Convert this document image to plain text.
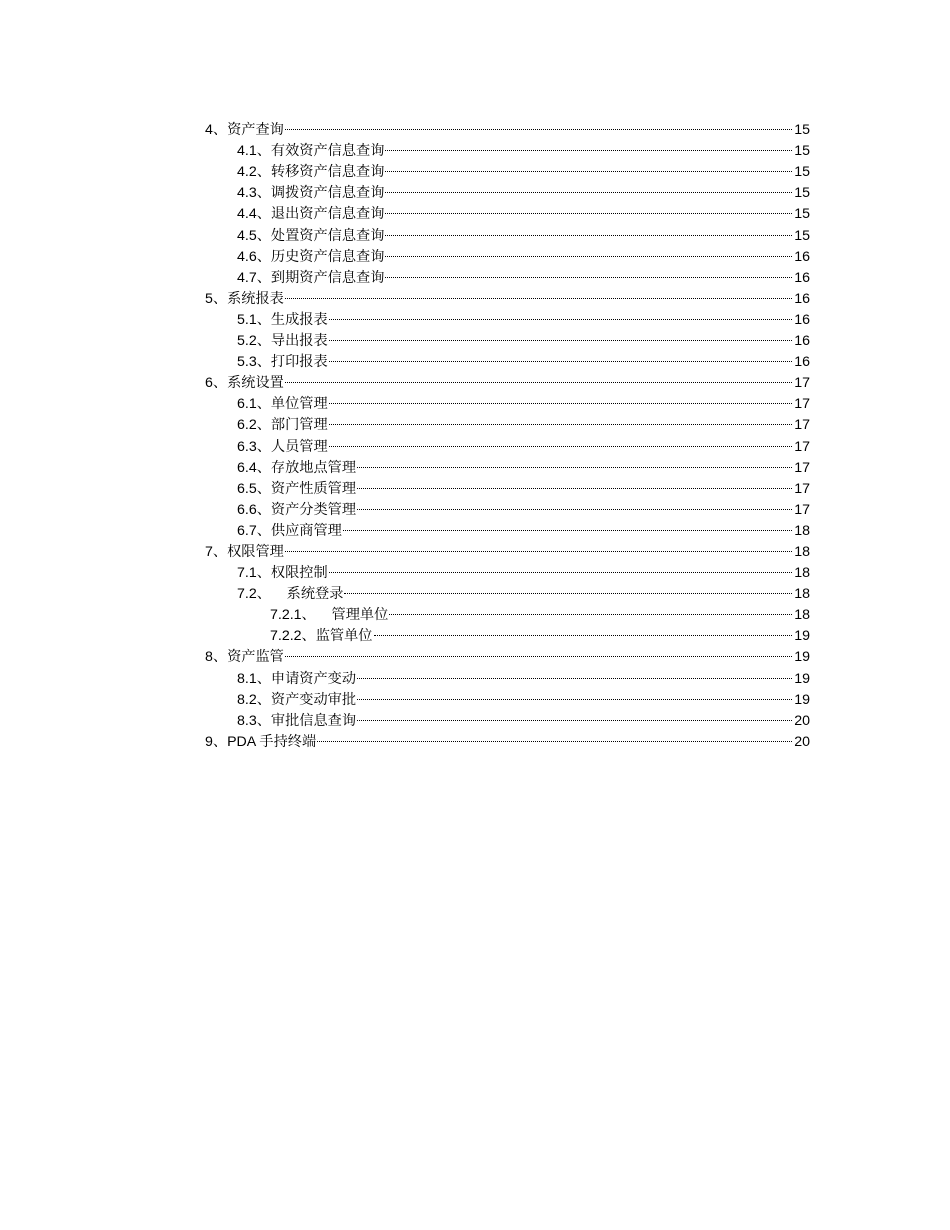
4、资产查询	15
4.1、有效资产信息查询	15
4.2、转移资产信息查询	15
4.3、调拨资产信息查询	15
4.4、退出资产信息查询	15
4.5、处置资产信息查询	15
4.6、历史资产信息查询	16
4.7、到期资产信息查询	16
5、系统报表	16
5.1、生成报表	16
5.2、导出报表	16
5.3、打印报表	16
6、系统设置	17
6.1、单位管理	17
6.2、部门管理	17
6.3、人员管理	17
6.4、存放地点管理	17
6.5、资产性质管理	17
6.6、资产分类管理	17
6.7、供应商管理	18
7、权限管理	18
7.1、权限控制	18
7.2、    系统登录	18
7.2.1、    管理单位	18
7.2.2、监管单位	19
8、资产监管	19
8.1、申请资产变动	19
8.2、资产变动审批	19
8.3、审批信息查询	20
9、PDA 手持终端	20
